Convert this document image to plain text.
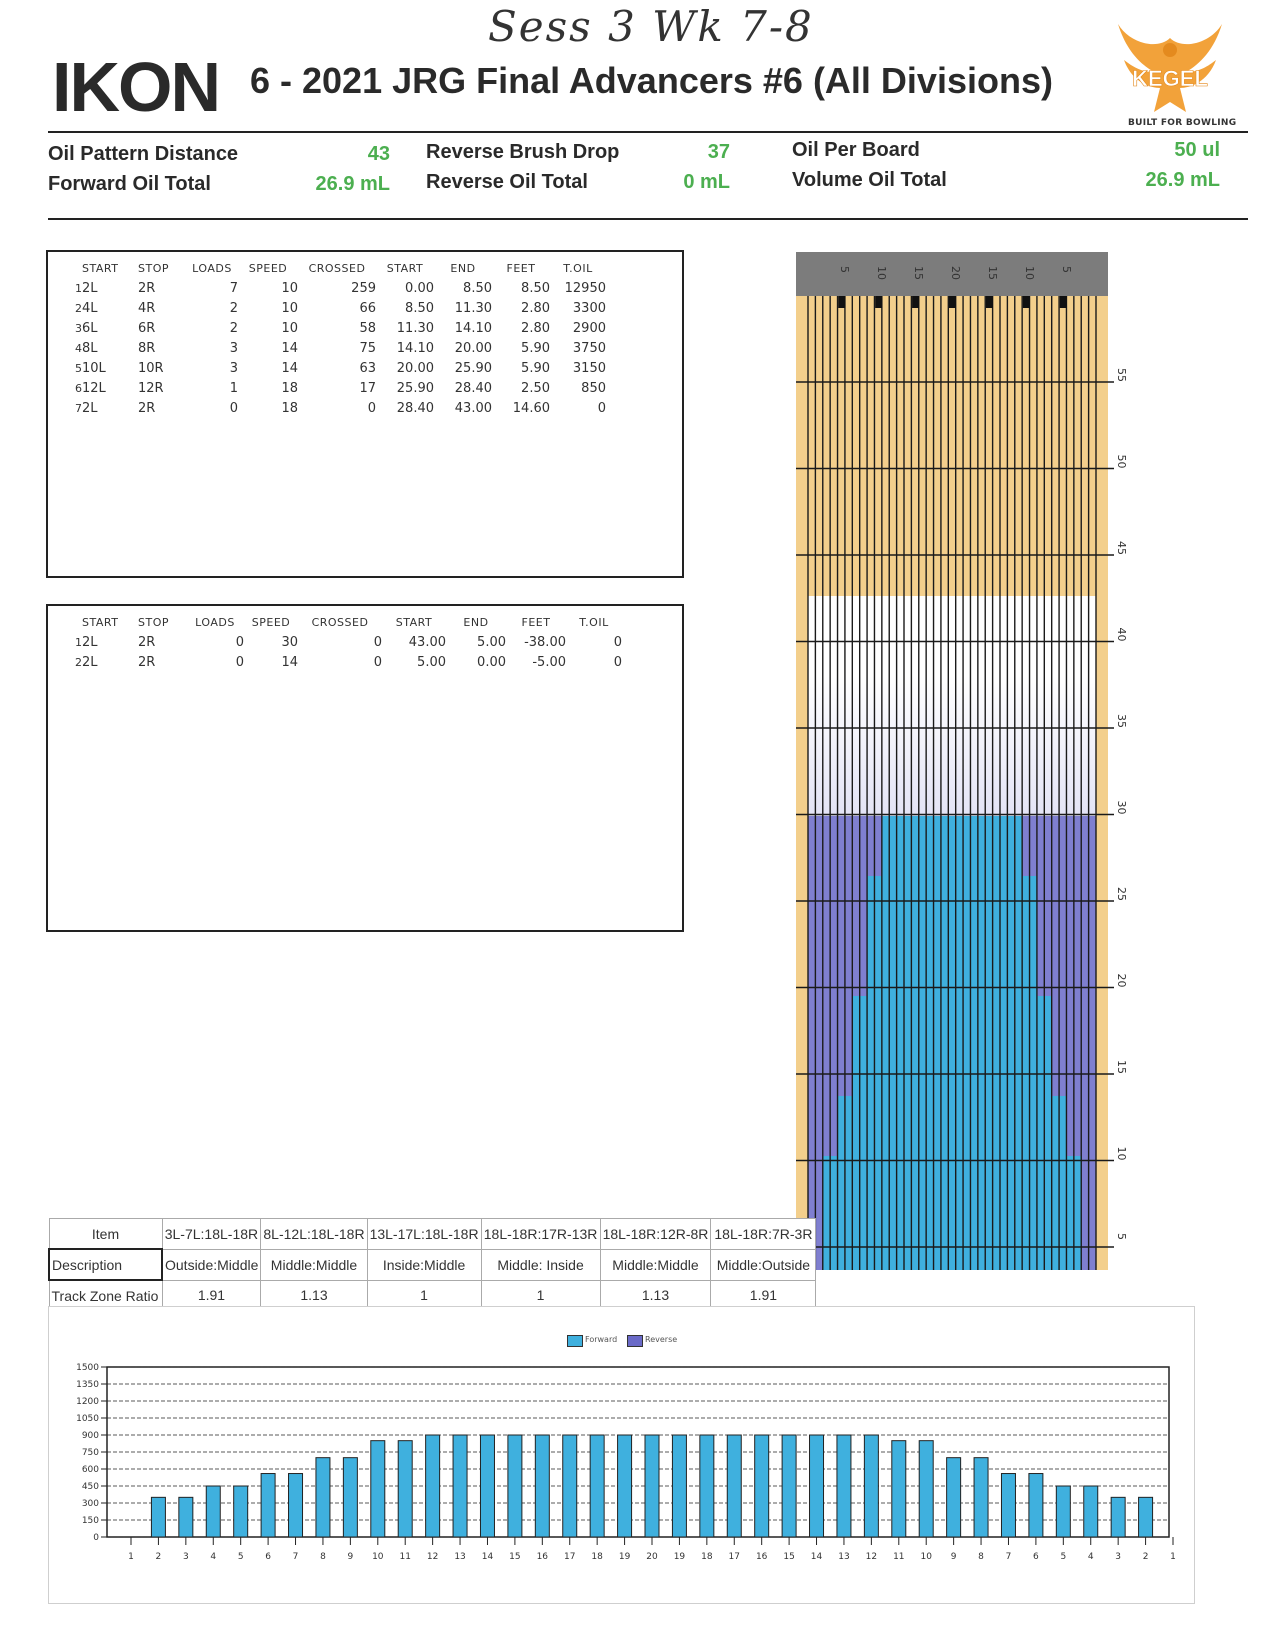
Sess 3 Wk 7-8
IKON 6 - 2021 JRG Final Advancers #6 (All Divisions)	KEGEL
BUILT FOR BOWLING
Oil Pattern Distance	43
Forward Oil Total	26.9 mL
Reverse Brush Drop	37
Reverse Oil Total	0 mL
Oil Per Board	50 ul
Volume Oil Total	26.9 mL
	START	STOP	LOADS	SPEED	CROSSED	START	END	FEET	T.OIL
1	2L	2R	7	10	259	0.00	8.50	8.50	12950
2	4L	4R	2	10	66	8.50	11.30	2.80	3300
3	6L	6R	2	10	58	11.30	14.10	2.80	2900
4	8L	8R	3	14	75	14.10	20.00	5.90	3750
5	10L	10R	3	14	63	20.00	25.90	5.90	3150
6	12L	12R	1	18	17	25.90	28.40	2.50	850
7	2L	2R	0	18	0	28.40	43.00	14.60	0
	START	STOP	LOADS	SPEED	CROSSED	START	END	FEET	T.OIL
1	2L	2R	0	30	0	43.00	5.00	-38.00	0
2	2L	2R	0	14	0	5.00	0.00	-5.00	0
55
50
45
40
35
30
25
20
15
10
5
5 10 15 20 15 10 5
Item	3L-7L:18L-18R	8L-12L:18L-18R	13L-17L:18L-18R	18L-18R:17R-13R	18L-18R:12R-8R	18L-18R:7R-3R
Description	Outside:Middle	Middle:Middle	Inside:Middle	Middle: Inside	Middle:Middle	Middle:Outside
Track Zone Ratio	1.91	1.13	1	1	1.13	1.91
Forward	Reverse
0
150
300
450
600
750
900
1050
1200
1350
1500
1 2 3 4 5 6 7 8 9 10 11 12 13 14 15 16 17 18 19 20 19 18 17 16 15 14 13 12 11 10 9 8 7 6 5 4 3 2 1
